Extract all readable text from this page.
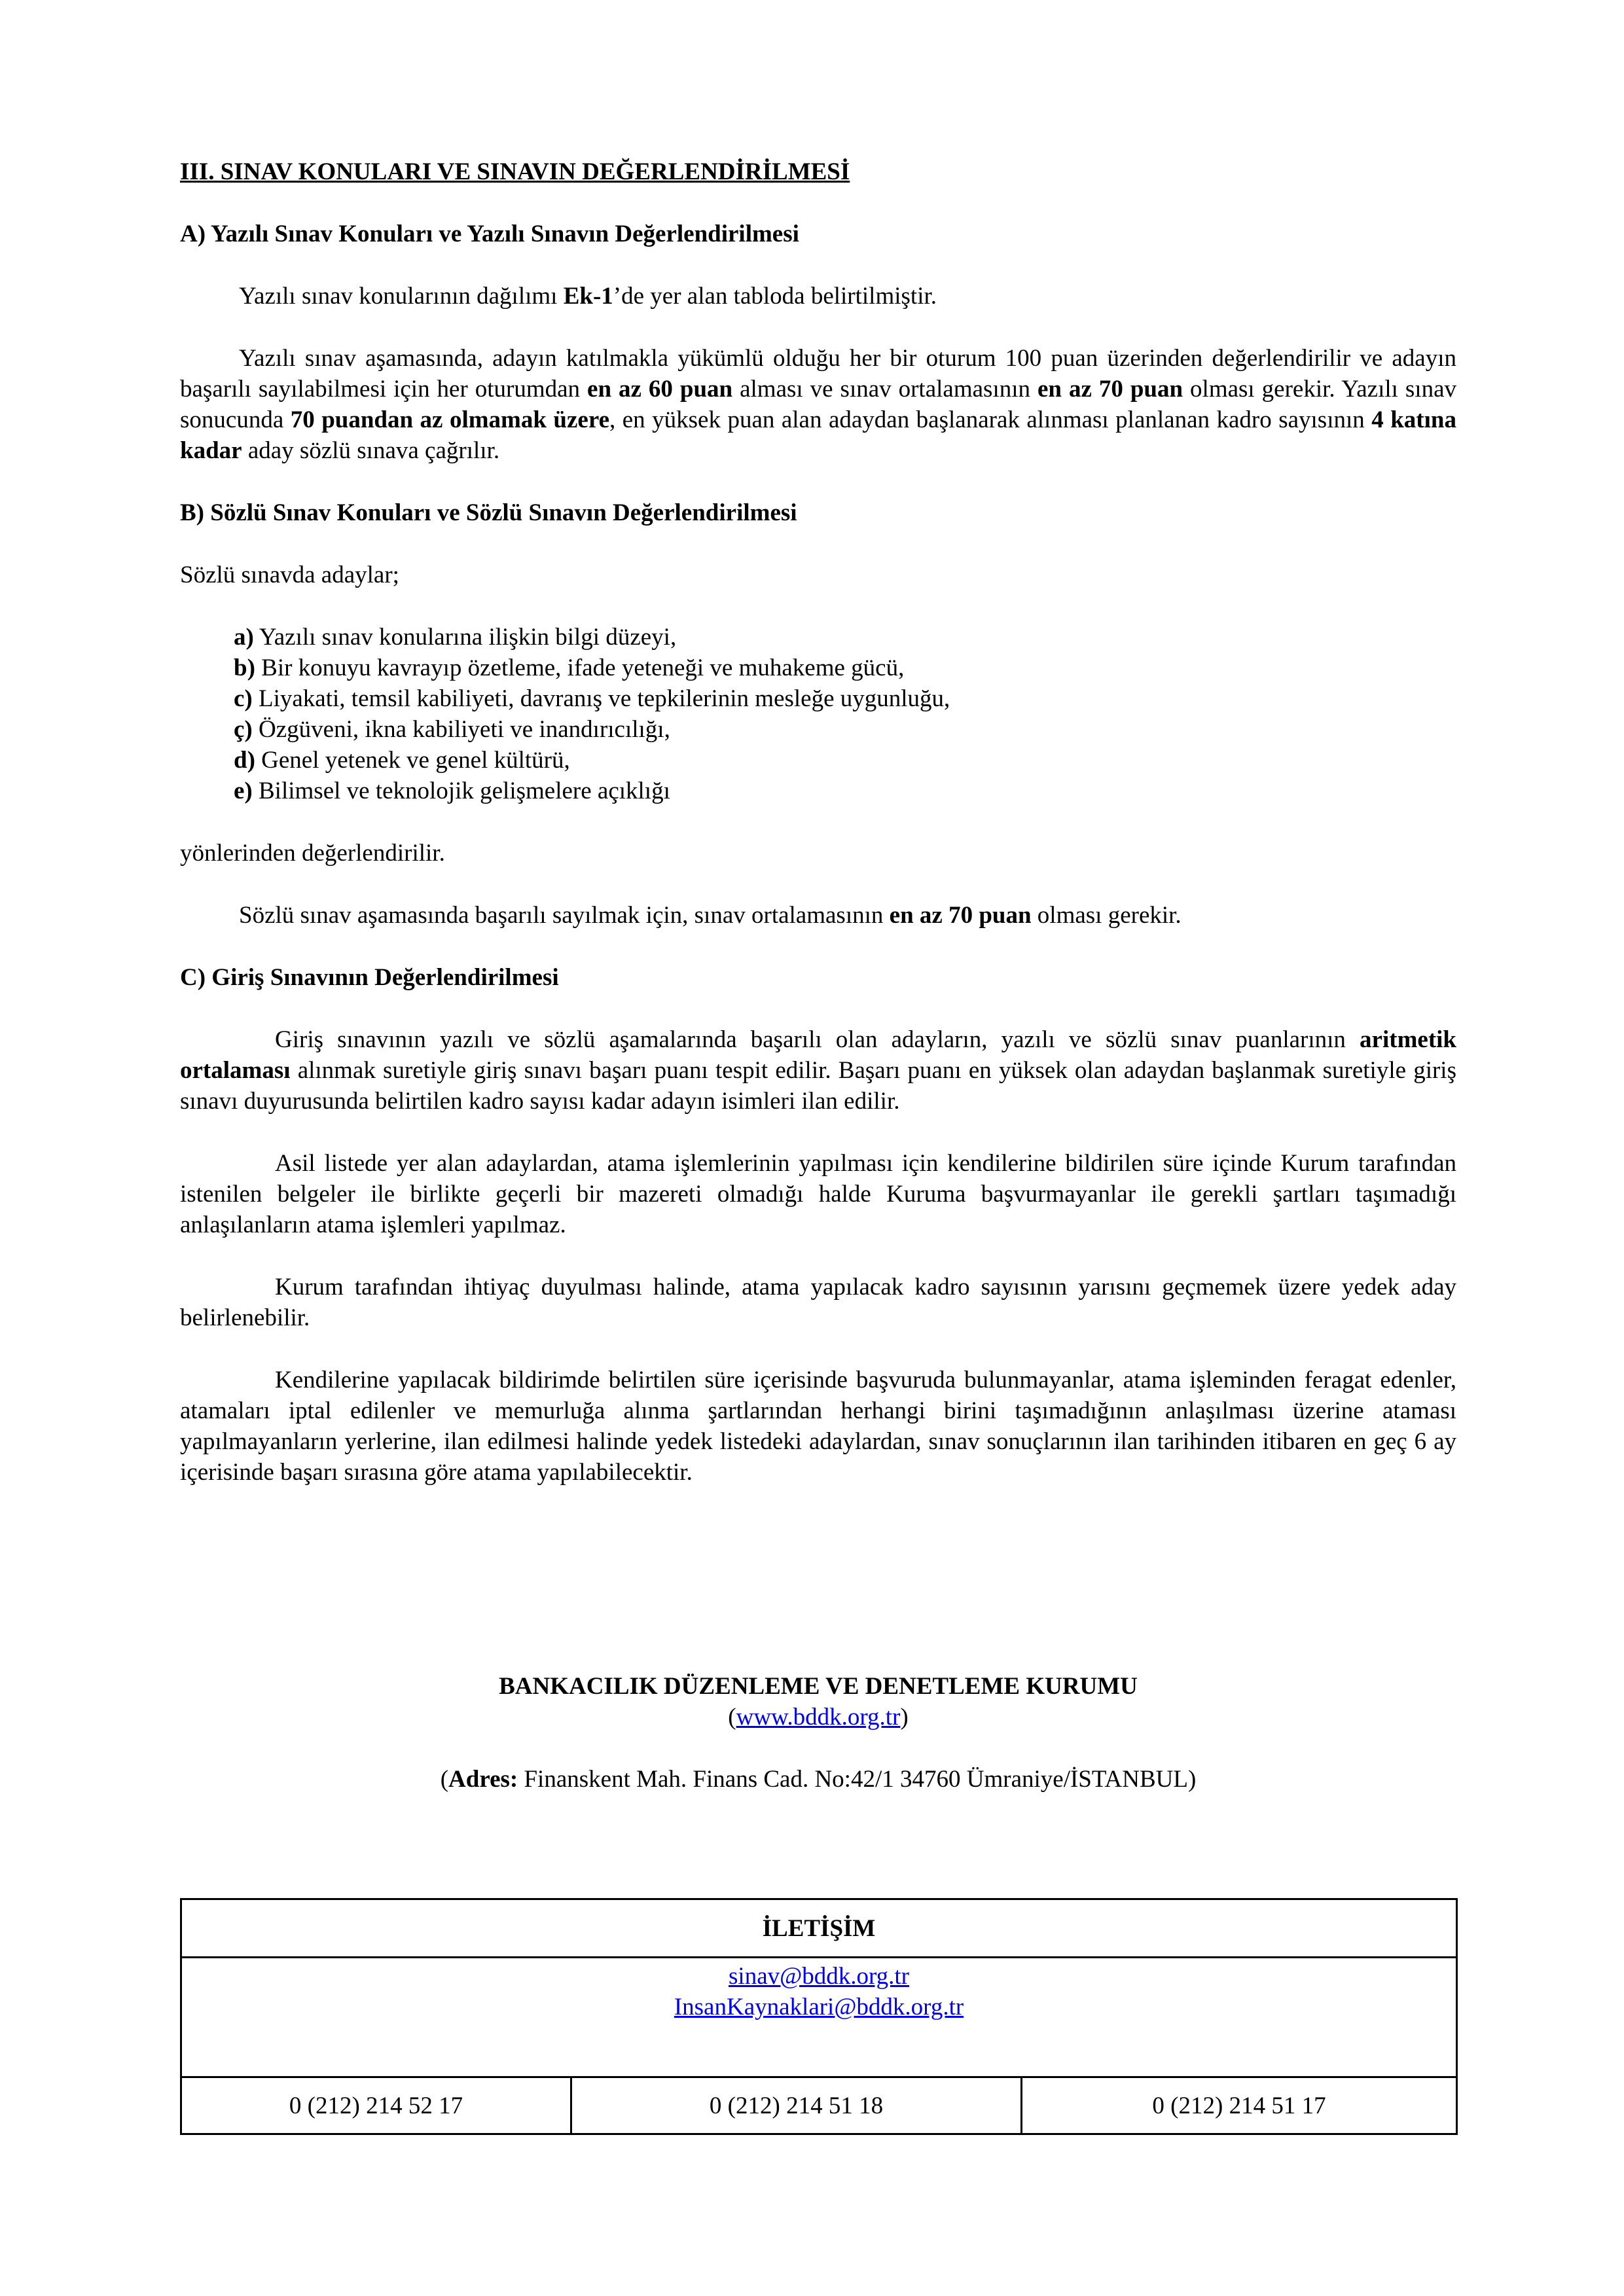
III. SINAV KONULARI VE SINAVIN DEĞERLENDİRİLMESİ

A) Yazılı Sınav Konuları ve Yazılı Sınavın Değerlendirilmesi

Yazılı sınav konularının dağılımı Ek-1’de yer alan tabloda belirtilmiştir.

Yazılı sınav aşamasında, adayın katılmakla yükümlü olduğu her bir oturum 100 puan üzerinden değerlendirilir ve adayın başarılı sayılabilmesi için her oturumdan en az 60 puan alması ve sınav ortalamasının en az 70 puan olması gerekir. Yazılı sınav sonucunda 70 puandan az olmamak üzere, en yüksek puan alan adaydan başlanarak alınması planlanan kadro sayısının 4 katına kadar aday sözlü sınava çağrılır.

B) Sözlü Sınav Konuları ve Sözlü Sınavın Değerlendirilmesi

Sözlü sınavda adaylar;

a) Yazılı sınav konularına ilişkin bilgi düzeyi,
b) Bir konuyu kavrayıp özetleme, ifade yeteneği ve muhakeme gücü,
c) Liyakati, temsil kabiliyeti, davranış ve tepkilerinin mesleğe uygunluğu,
ç) Özgüveni, ikna kabiliyeti ve inandırıcılığı,
d) Genel yetenek ve genel kültürü,
e) Bilimsel ve teknolojik gelişmelere açıklığı

yönlerinden değerlendirilir.

Sözlü sınav aşamasında başarılı sayılmak için, sınav ortalamasının en az 70 puan olması gerekir.

C) Giriş Sınavının Değerlendirilmesi

Giriş sınavının yazılı ve sözlü aşamalarında başarılı olan adayların, yazılı ve sözlü sınav puanlarının aritmetik ortalaması alınmak suretiyle giriş sınavı başarı puanı tespit edilir. Başarı puanı en yüksek olan adaydan başlanmak suretiyle giriş sınavı duyurusunda belirtilen kadro sayısı kadar adayın isimleri ilan edilir.

Asil listede yer alan adaylardan, atama işlemlerinin yapılması için kendilerine bildirilen süre içinde Kurum tarafından istenilen belgeler ile birlikte geçerli bir mazereti olmadığı halde Kuruma başvurmayanlar ile gerekli şartları taşımadığı anlaşılanların atama işlemleri yapılmaz.

Kurum tarafından ihtiyaç duyulması halinde, atama yapılacak kadro sayısının yarısını geçmemek üzere yedek aday belirlenebilir.

Kendilerine yapılacak bildirimde belirtilen süre içerisinde başvuruda bulunmayanlar, atama işleminden feragat edenler, atamaları iptal edilenler ve memurluğa alınma şartlarından herhangi birini taşımadığının anlaşılması üzerine ataması yapılmayanların yerlerine, ilan edilmesi halinde yedek listedeki adaylardan, sınav sonuçlarının ilan tarihinden itibaren en geç 6 ay içerisinde başarı sırasına göre atama yapılabilecektir.

BANKACILIK DÜZENLEME VE DENETLEME KURUMU

(www.bddk.org.tr)

(Adres: Finanskent Mah. Finans Cad. No:42/1 34760 Ümraniye/İSTANBUL)

İLETİŞİM

sinav@bddk.org.tr
InsanKaynaklari@bddk.org.tr

0 (212) 214 52 17	0 (212) 214 51 18	0 (212) 214 51 17
